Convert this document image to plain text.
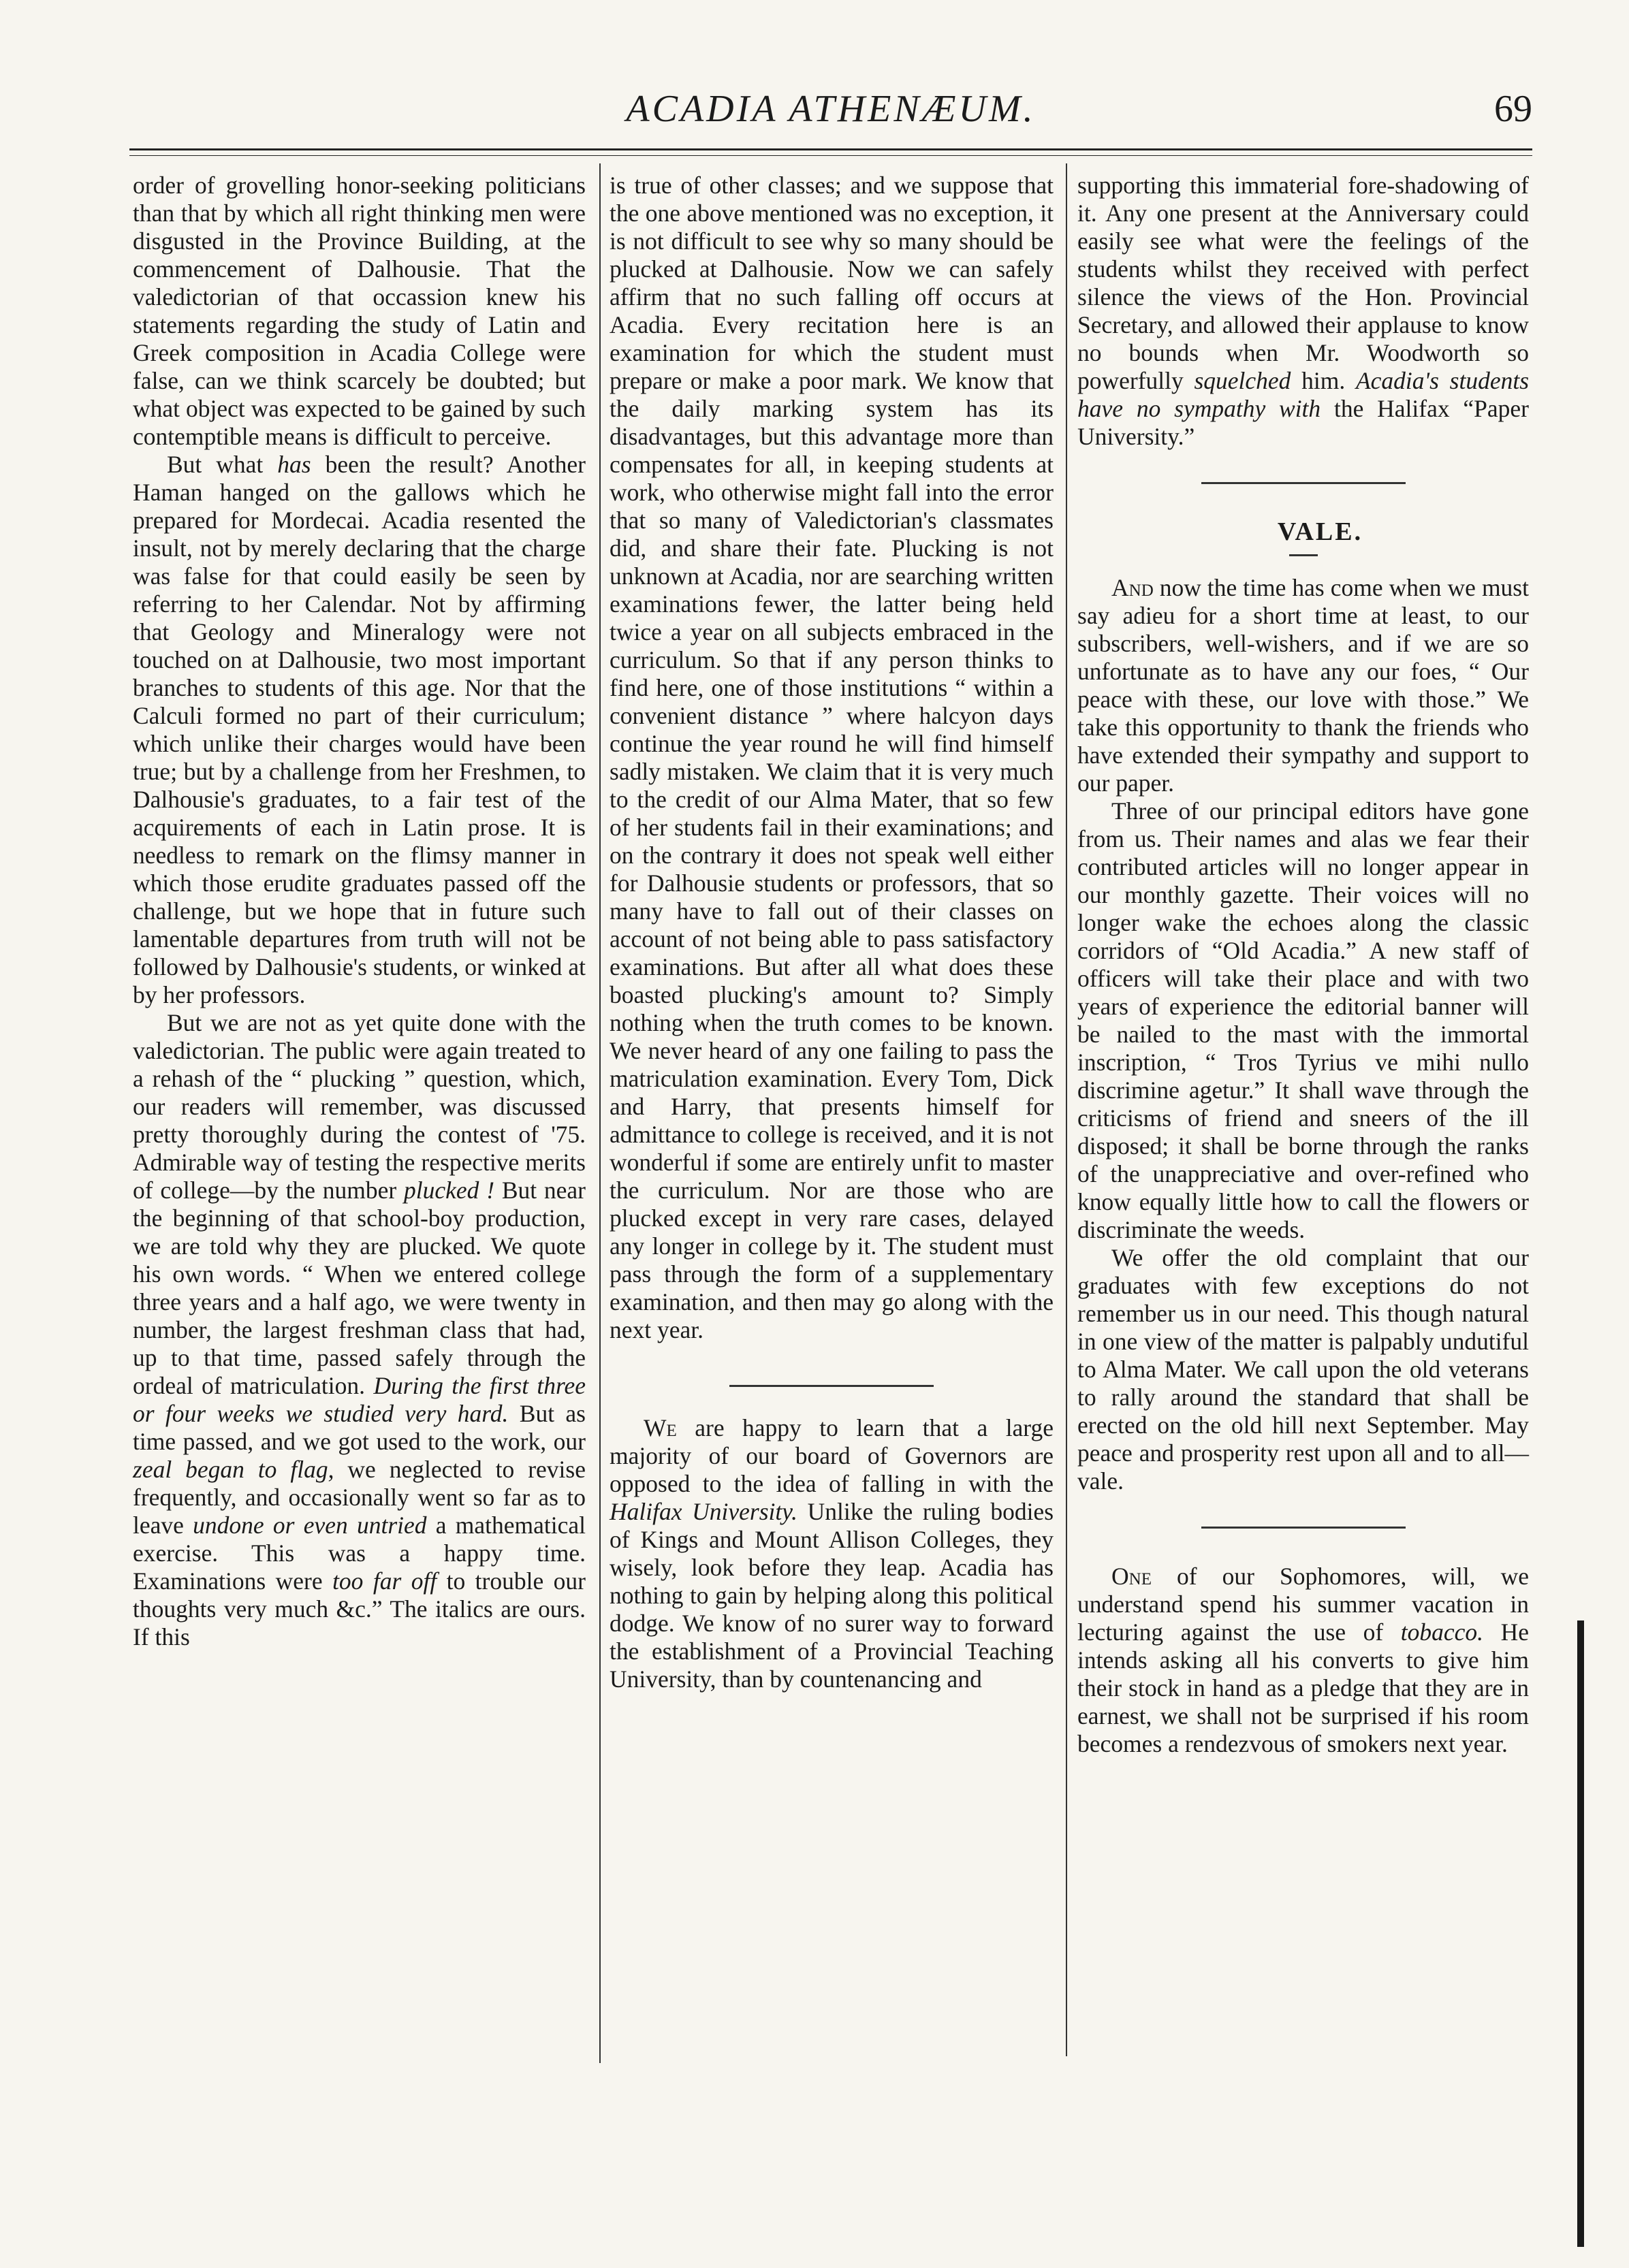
ACADIA ATHENÆUM.	69

order of grovelling honor-seeking politicians than that by which all right thinking men were disgusted in the Province Building, at the commencement of Dalhousie. That the valedictorian of that occassion knew his statements regarding the study of Latin and Greek composition in Acadia College were false, can we think scarcely be doubted; but what object was expected to be gained by such contemptible means is difficult to perceive.

But what has been the result? Another Haman hanged on the gallows which he prepared for Mordecai. Acadia resented the insult, not by merely declaring that the charge was false for that could easily be seen by referring to her Calendar. Not by affirming that Geology and Mineralogy were not touched on at Dalhousie, two most important branches to students of this age. Nor that the Calculi formed no part of their curriculum; which unlike their charges would have been true; but by a challenge from her Freshmen, to Dalhousie's graduates, to a fair test of the acquirements of each in Latin prose. It is needless to remark on the flimsy manner in which those erudite graduates passed off the challenge, but we hope that in future such lamentable departures from truth will not be followed by Dalhousie's students, or winked at by her professors.

But we are not as yet quite done with the valedictorian. The public were again treated to a rehash of the “ plucking ” question, which, our readers will remember, was discussed pretty thoroughly during the contest of '75. Admirable way of testing the respective merits of college—by the number plucked ! But near the beginning of that school-boy production, we are told why they are plucked. We quote his own words. “ When we entered college three years and a half ago, we were twenty in number, the largest freshman class that had, up to that time, passed safely through the ordeal of matriculation. During the first three or four weeks we studied very hard. But as time passed, and we got used to the work, our zeal began to flag, we neglected to revise frequently, and occasionally went so far as to leave undone or even untried a mathematical exercise. This was a happy time. Examinations were too far off to trouble our thoughts very much &c.” The italics are ours. If this

is true of other classes; and we suppose that the one above mentioned was no exception, it is not difficult to see why so many should be plucked at Dalhousie. Now we can safely affirm that no such falling off occurs at Acadia. Every recitation here is an examination for which the student must prepare or make a poor mark. We know that the daily marking system has its disadvantages, but this advantage more than compensates for all, in keeping students at work, who otherwise might fall into the error that so many of Valedictorian's classmates did, and share their fate. Plucking is not unknown at Acadia, nor are searching written examinations fewer, the latter being held twice a year on all subjects embraced in the curriculum. So that if any person thinks to find here, one of those institutions “ within a convenient distance ” where halcyon days continue the year round he will find himself sadly mistaken. We claim that it is very much to the credit of our Alma Mater, that so few of her students fail in their examinations; and on the contrary it does not speak well either for Dalhousie students or professors, that so many have to fall out of their classes on account of not being able to pass satisfactory examinations. But after all what does these boasted plucking's amount to? Simply nothing when the truth comes to be known. We never heard of any one failing to pass the matriculation examination. Every Tom, Dick and Harry, that presents himself for admittance to college is received, and it is not wonderful if some are entirely unfit to master the curriculum. Nor are those who are plucked except in very rare cases, delayed any longer in college by it. The student must pass through the form of a supplementary examination, and then may go along with the next year.

We are happy to learn that a large majority of our board of Governors are opposed to the idea of falling in with the Halifax University. Unlike the ruling bodies of Kings and Mount Allison Colleges, they wisely, look before they leap. Acadia has nothing to gain by helping along this political dodge. We know of no surer way to forward the establishment of a Provincial Teaching University, than by countenancing and

supporting this immaterial fore-shadowing of it. Any one present at the Anniversary could easily see what were the feelings of the students whilst they received with perfect silence the views of the Hon. Provincial Secretary, and allowed their applause to know no bounds when Mr. Woodworth so powerfully squelched him. Acadia's students have no sympathy with the Halifax “Paper University.”

VALE.

And now the time has come when we must say adieu for a short time at least, to our subscribers, well-wishers, and if we are so unfortunate as to have any our foes, “ Our peace with these, our love with those.” We take this opportunity to thank the friends who have extended their sympathy and support to our paper.

Three of our principal editors have gone from us. Their names and alas we fear their contributed articles will no longer appear in our monthly gazette. Their voices will no longer wake the echoes along the classic corridors of “Old Acadia.” A new staff of officers will take their place and with two years of experience the editorial banner will be nailed to the mast with the immortal inscription, “ Tros Tyrius ve mihi nullo discrimine agetur.” It shall wave through the criticisms of friend and sneers of the ill disposed; it shall be borne through the ranks of the unappreciative and over-refined who know equally little how to call the flowers or discriminate the weeds.

We offer the old complaint that our graduates with few exceptions do not remember us in our need. This though natural in one view of the matter is palpably undutiful to Alma Mater. We call upon the old veterans to rally around the standard that shall be erected on the old hill next September. May peace and prosperity rest upon all and to all—vale.

One of our Sophomores, will, we understand spend his summer vacation in lecturing against the use of tobacco. He intends asking all his converts to give him their stock in hand as a pledge that they are in earnest, we shall not be surprised if his room becomes a rendezvous of smokers next year.
